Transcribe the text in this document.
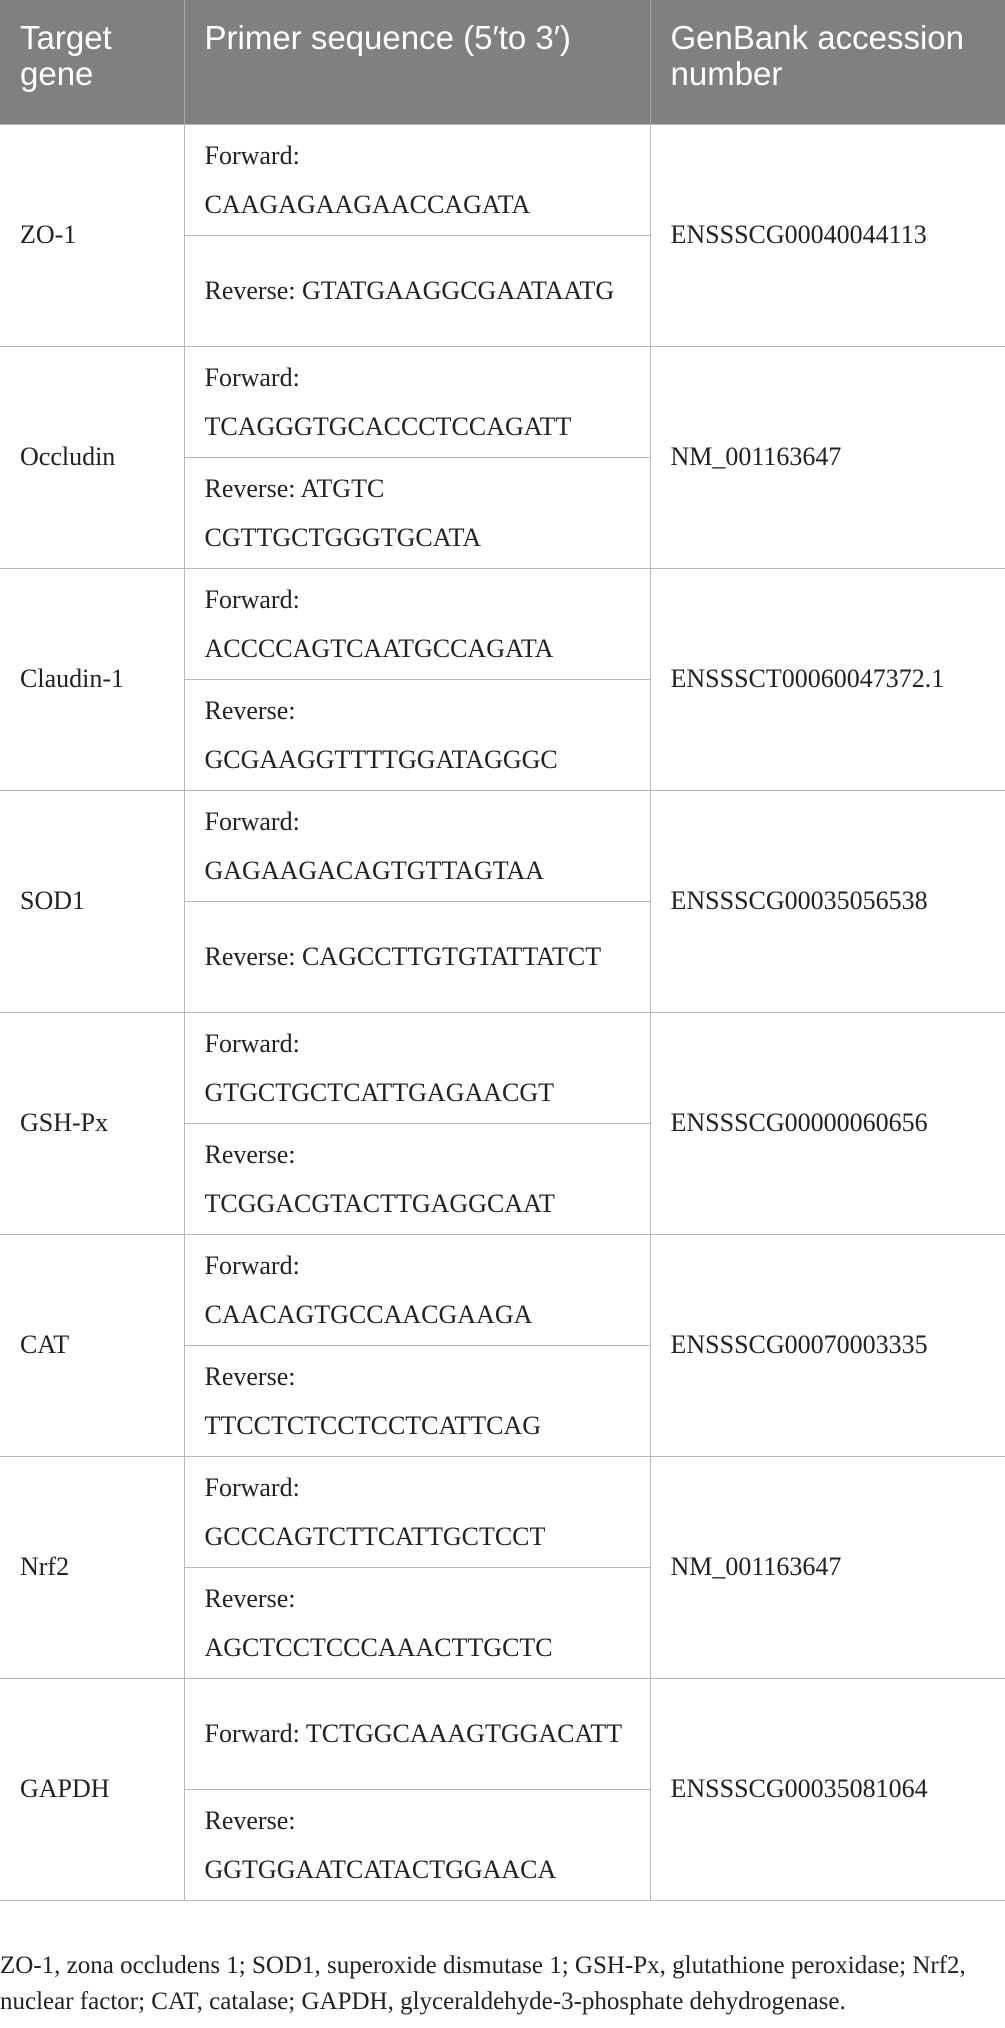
Target gene	Primer sequence (5′to 3′)	GenBank accession number
ZO-1	Forward: CAAGAGAAGAACCAGATA	ENSSSCG00040044113
	Reverse: GTATGAAGGCGAATAATG	
Occludin	Forward: TCAGGGTGCACCCTCCAGATT	NM_001163647
	Reverse: ATGTC CGTTGCTGGGTGCATA	
Claudin-1	Forward: ACCCCAGTCAATGCCAGATA	ENSSSCT00060047372.1
	Reverse: GCGAAGGTTTTGGATAGGGC	
SOD1	Forward: GAGAAGACAGTGTTAGTAA	ENSSSCG00035056538
	Reverse: CAGCCTTGTGTATTATCT	
GSH-Px	Forward: GTGCTGCTCATTGAGAACGT	ENSSSCG00000060656
	Reverse: TCGGACGTACTTGAGGCAAT	
CAT	Forward: CAACAGTGCCAACGAAGA	ENSSSCG00070003335
	Reverse: TTCCTCTCCTCCTCATTCAG	
Nrf2	Forward: GCCCAGTCTTCATTGCTCCT	NM_001163647
	Reverse: AGCTCCTCCCAAACTTGCTC	
GAPDH	Forward: TCTGGCAAAGTGGACATT	ENSSSCG00035081064
	Reverse: GGTGGAATCATACTGGAACA	

ZO-1, zona occludens 1; SOD1, superoxide dismutase 1; GSH-Px, glutathione peroxidase; Nrf2, nuclear factor; CAT, catalase; GAPDH, glyceraldehyde-3-phosphate dehydrogenase.
